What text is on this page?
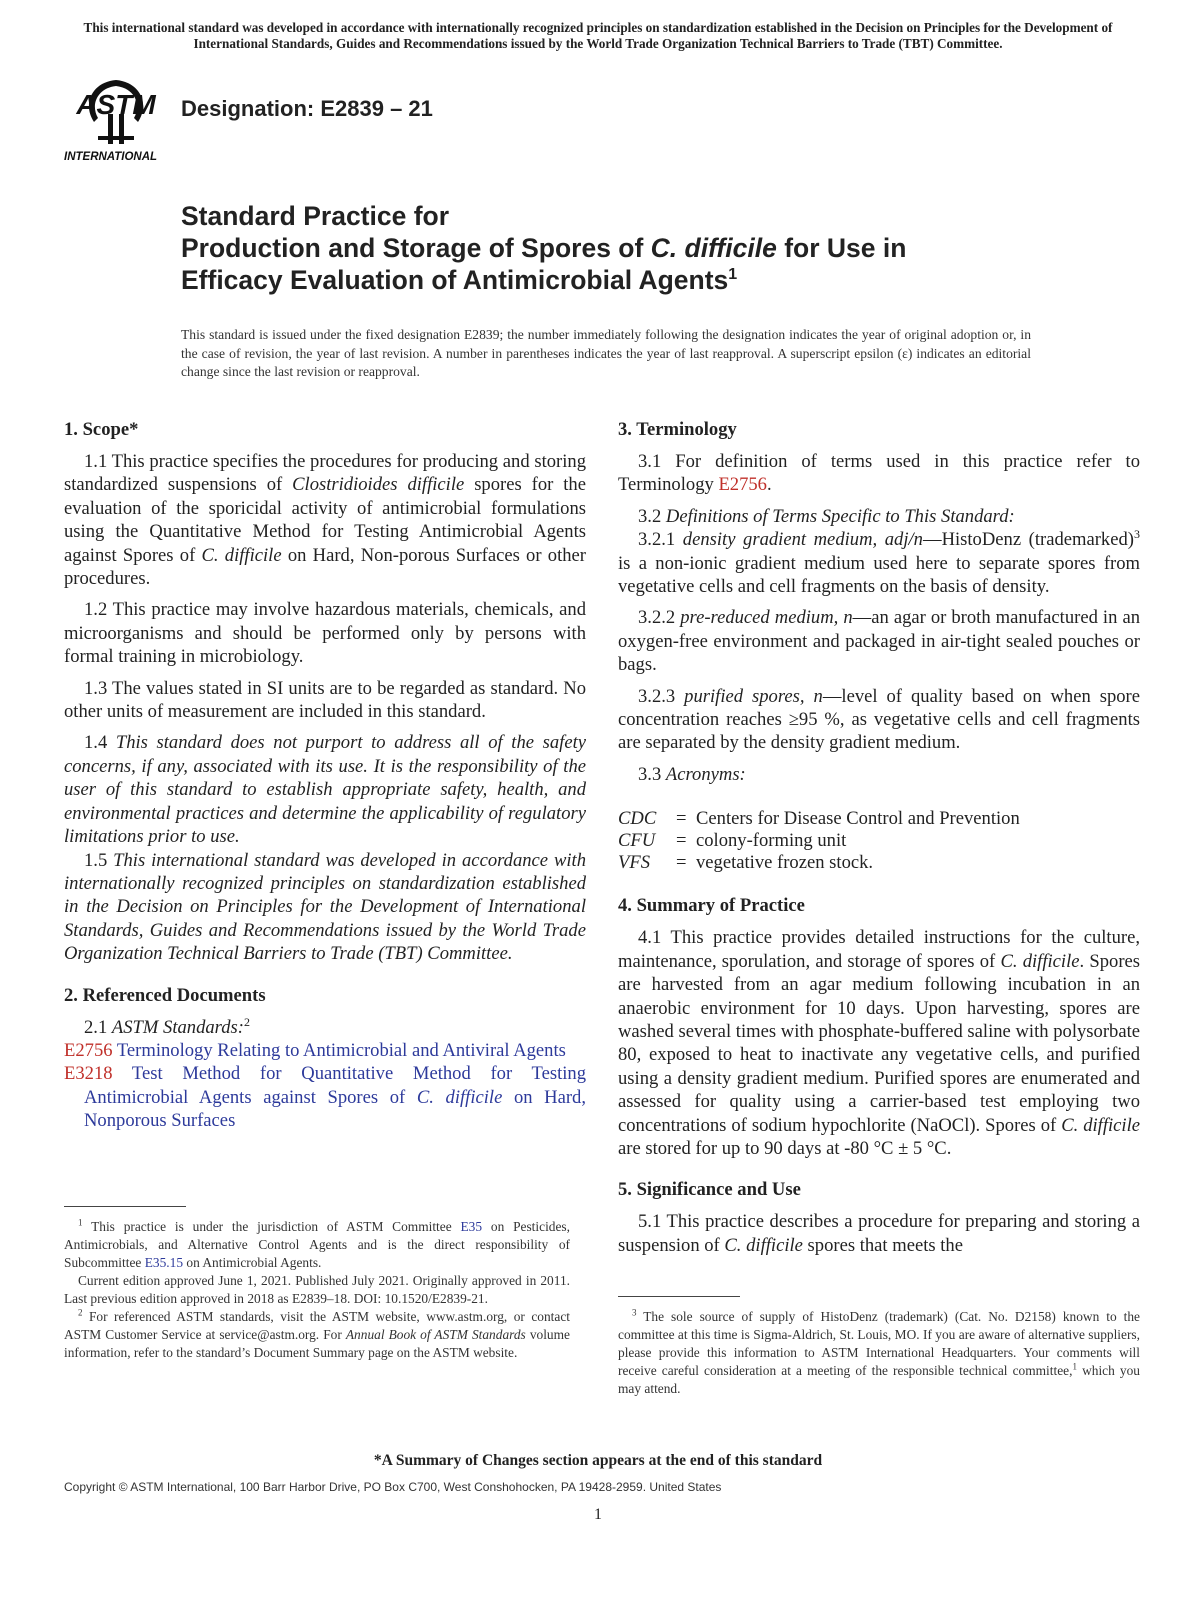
This international standard was developed in accordance with internationally recognized principles on standardization established in the Decision on Principles for the Development of International Standards, Guides and Recommendations issued by the World Trade Organization Technical Barriers to Trade (TBT) Committee.
ASTM
INTERNATIONAL
Designation: E2839 – 21
Standard Practice for
Production and Storage of Spores of C. difficile for Use in
Efficacy Evaluation of Antimicrobial Agents$^1$
This standard is issued under the fixed designation E2839; the number immediately following the designation indicates the year of original adoption or, in the case of revision, the year of last revision. A number in parentheses indicates the year of last reapproval. A superscript epsilon (ε) indicates an editorial change since the last revision or reapproval.
1. Scope*

1.1 This practice specifies the procedures for producing and storing standardized suspensions of Clostridioides difficile spores for the evaluation of the sporicidal activity of antimicrobial formulations using the Quantitative Method for Testing Antimicrobial Agents against Spores of C. difficile on Hard, Non-porous Surfaces or other procedures.

1.2 This practice may involve hazardous materials, chemicals, and microorganisms and should be performed only by persons with formal training in microbiology.

1.3 The values stated in SI units are to be regarded as standard. No other units of measurement are included in this standard.

1.4 This standard does not purport to address all of the safety concerns, if any, associated with its use. It is the responsibility of the user of this standard to establish appropriate safety, health, and environmental practices and determine the applicability of regulatory limitations prior to use.

1.5 This international standard was developed in accordance with internationally recognized principles on standardization established in the Decision on Principles for the Development of International Standards, Guides and Recommendations issued by the World Trade Organization Technical Barriers to Trade (TBT) Committee.

2. Referenced Documents

2.1 ASTM Standards:$^2$

E2756 Terminology Relating to Antimicrobial and Antiviral Agents

E3218 Test Method for Quantitative Method for Testing Antimicrobial Agents against Spores of C. difficile on Hard, Nonporous Surfaces

$^1$ This practice is under the jurisdiction of ASTM Committee E35 on Pesticides, Antimicrobials, and Alternative Control Agents and is the direct responsibility of Subcommittee E35.15 on Antimicrobial Agents.

Current edition approved June 1, 2021. Published July 2021. Originally approved in 2011. Last previous edition approved in 2018 as E2839–18. DOI: 10.1520/E2839-21.

$^2$ For referenced ASTM standards, visit the ASTM website, www.astm.org, or contact ASTM Customer Service at service@astm.org. For Annual Book of ASTM Standards volume information, refer to the standard’s Document Summary page on the ASTM website.

3. Terminology

3.1 For definition of terms used in this practice refer to Terminology E2756.

3.2 Definitions of Terms Specific to This Standard:

3.2.1 density gradient medium, adj/n—HistoDenz (trademarked)$^3$ is a non-ionic gradient medium used here to separate spores from vegetative cells and cell fragments on the basis of density.

3.2.2 pre-reduced medium, n—an agar or broth manufactured in an oxygen-free environment and packaged in air-tight sealed pouches or bags.

3.2.3 purified spores, n—level of quality based on when spore concentration reaches ≥95 %, as vegetative cells and cell fragments are separated by the density gradient medium.

3.3 Acronyms:

CDC	= Centers for Disease Control and Prevention
CFU	= colony-forming unit
VFS	= vegetative frozen stock.
4. Summary of Practice

4.1 This practice provides detailed instructions for the culture, maintenance, sporulation, and storage of spores of C. difficile. Spores are harvested from an agar medium following incubation in an anaerobic environment for 10 days. Upon harvesting, spores are washed several times with phosphate-buffered saline with polysorbate 80, exposed to heat to inactivate any vegetative cells, and purified using a density gradient medium. Purified spores are enumerated and assessed for quality using a carrier-based test employing two concentrations of sodium hypochlorite (NaOCl). Spores of C. difficile are stored for up to 90 days at -80 °C ± 5 °C.

5. Significance and Use

5.1 This practice describes a procedure for preparing and storing a suspension of C. difficile spores that meets the

$^3$ The sole source of supply of HistoDenz (trademark) (Cat. No. D2158) known to the committee at this time is Sigma-Aldrich, St. Louis, MO. If you are aware of alternative suppliers, please provide this information to ASTM International Headquarters. Your comments will receive careful consideration at a meeting of the responsible technical committee,$^1$ which you may attend.

*A Summary of Changes section appears at the end of this standard
Copyright © ASTM International, 100 Barr Harbor Drive, PO Box C700, West Conshohocken, PA 19428-2959. United States
1
